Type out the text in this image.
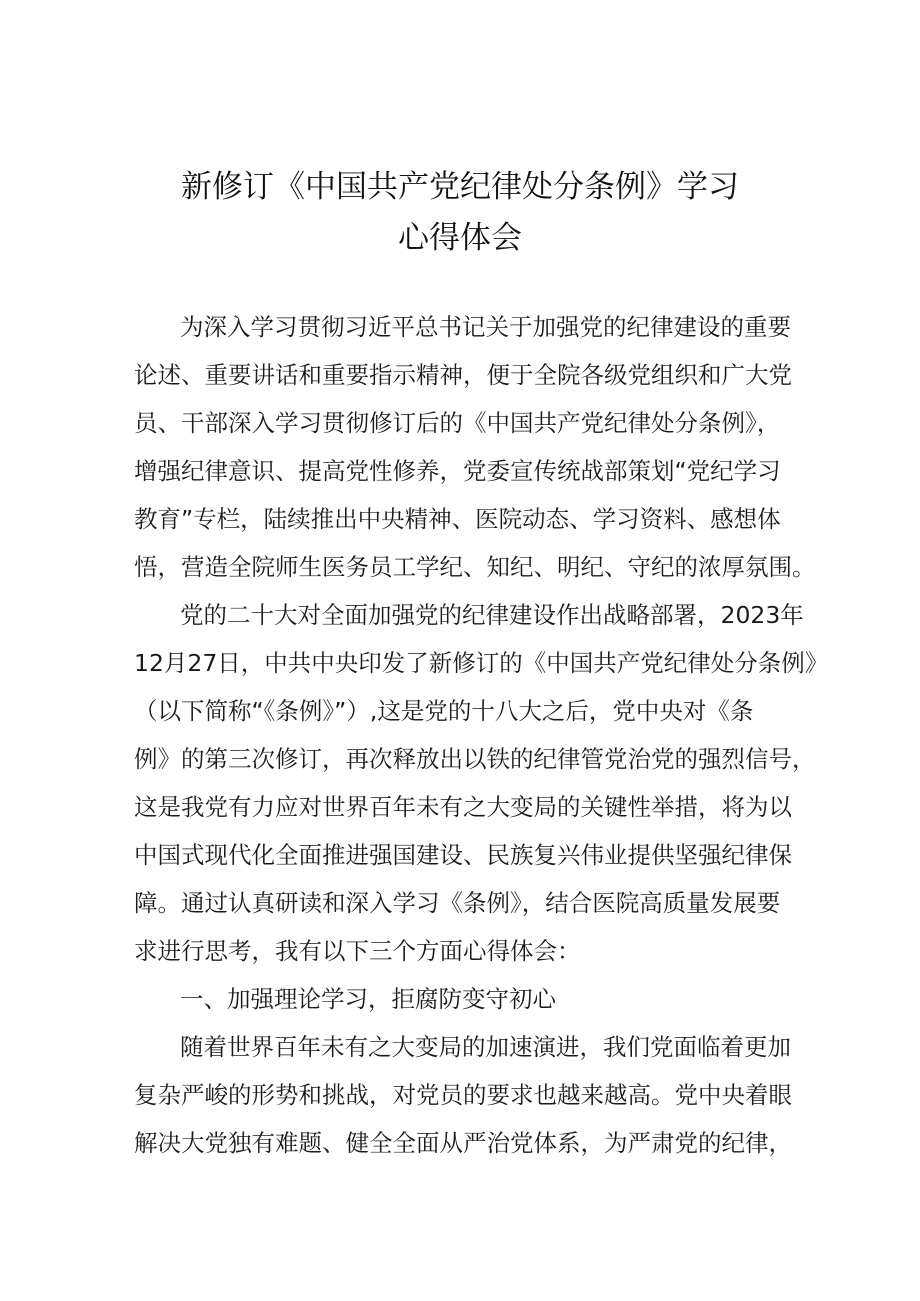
新修订《中国共产党纪律处分条例》学习
心得体会
为深入学习贯彻习近平总书记关于加强党的纪律建设的重要
论述、重要讲话和重要指示精神，便于全院各级党组织和广大党
员、干部深入学习贯彻修订后的《中国共产党纪律处分条例》，
增强纪律意识、提高党性修养，党委宣传统战部策划“党纪学习
教育”专栏，陆续推出中央精神、医院动态、学习资料、感想体
悟，营造全院师生医务员工学纪、知纪、明纪、守纪的浓厚氛围。
党的二十大对全面加强党的纪律建设作出战略部署，2023年
12月27日，中共中央印发了新修订的《中国共产党纪律处分条例》
（以下简称“《条例》”）,这是党的十八大之后，党中央对《条
例》的第三次修订，再次释放出以铁的纪律管党治党的强烈信号，
这是我党有力应对世界百年未有之大变局的关键性举措，将为以
中国式现代化全面推进强国建设、民族复兴伟业提供坚强纪律保
障。通过认真研读和深入学习《条例》，结合医院高质量发展要
求进行思考，我有以下三个方面心得体会：
一、加强理论学习，拒腐防变守初心
随着世界百年未有之大变局的加速演进，我们党面临着更加
复杂严峻的形势和挑战，对党员的要求也越来越高。党中央着眼
解决大党独有难题、健全全面从严治党体系，为严肃党的纪律，
